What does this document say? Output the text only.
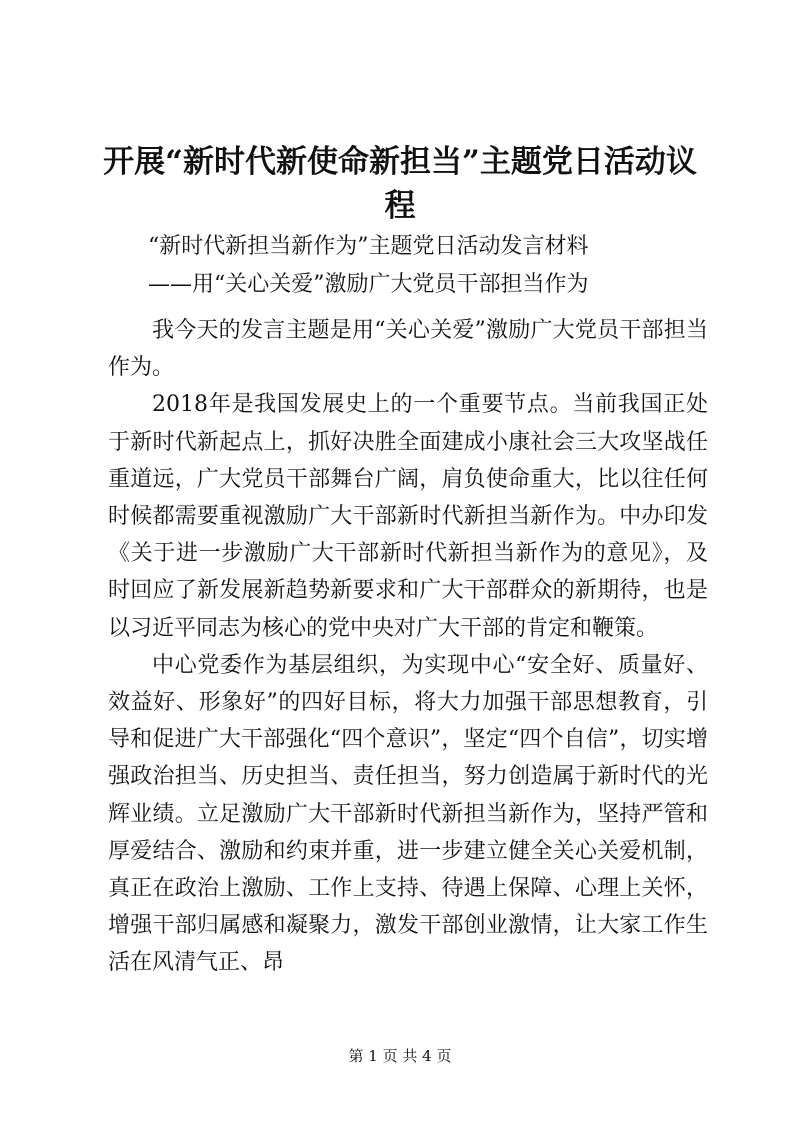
开展“新时代新使命新担当”主题党日活动议程
“新时代新担当新作为”主题党日活动发言材料
——用“关心关爱”激励广大党员干部担当作为

我今天的发言主题是用“关心关爱”激励广大党员干部担当作为。

2018年是我国发展史上的一个重要节点。当前我国正处于新时代新起点上，抓好决胜全面建成小康社会三大攻坚战任重道远，广大党员干部舞台广阔，肩负使命重大，比以往任何时候都需要重视激励广大干部新时代新担当新作为。中办印发《关于进一步激励广大干部新时代新担当新作为的意见》，及时回应了新发展新趋势新要求和广大干部群众的新期待，也是以习近平同志为核心的党中央对广大干部的肯定和鞭策。

中心党委作为基层组织，为实现中心“安全好、质量好、效益好、形象好”的四好目标，将大力加强干部思想教育，引导和促进广大干部强化“四个意识”，坚定“四个自信”，切实增强政治担当、历史担当、责任担当，努力创造属于新时代的光辉业绩。立足激励广大干部新时代新担当新作为，坚持严管和厚爱结合、激励和约束并重，进一步建立健全关心关爱机制，真正在政治上激励、工作上支持、待遇上保障、心理上关怀，增强干部归属感和凝聚力，激发干部创业激情，让大家工作生活在风清气正、昂

第 1 页 共 4 页
